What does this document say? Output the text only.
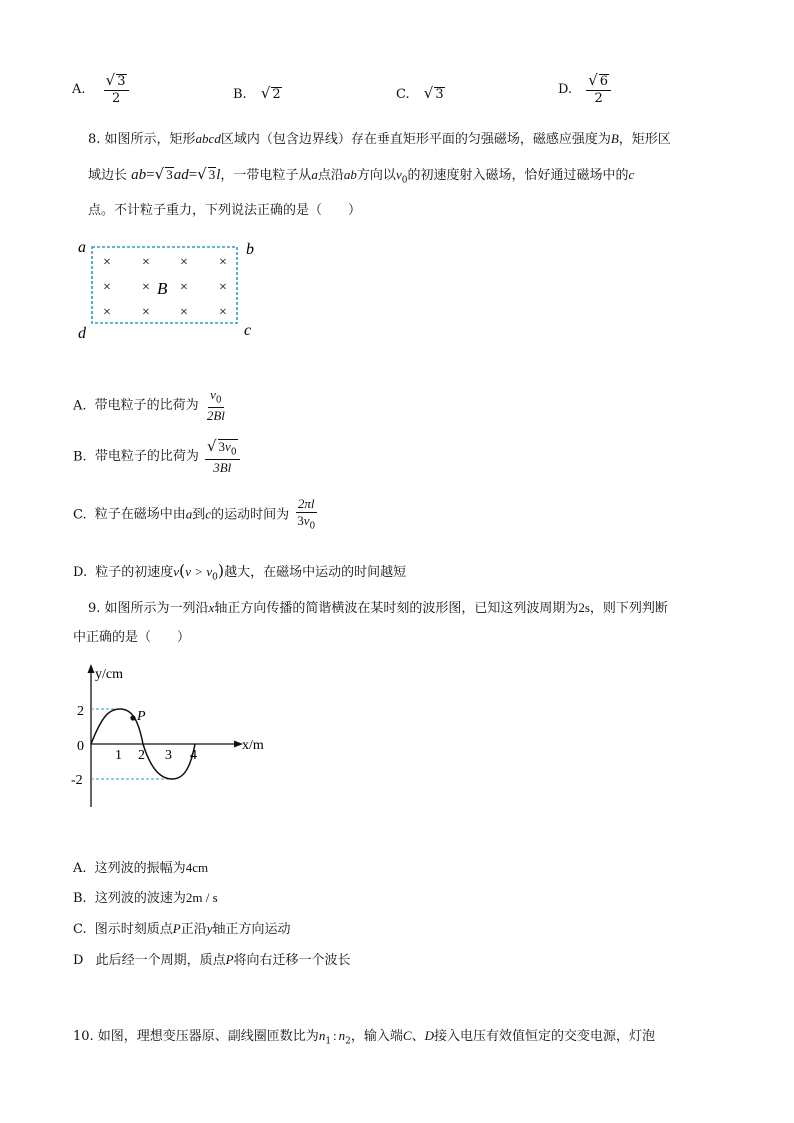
A. $\frac{√ 3}{2}$	B. √ 2	C. √ 3	D. $\frac{√ 6}{2}$
8. 如图所示，矩形abcd区域内（包含边界线）存在垂直矩形平面的匀强磁场，磁感应强度为B，矩形区
域边长 ab=√ 3ad=√ 3l，一带电粒子从a点沿ab方向以$v_0$的初速度射入磁场，恰好通过磁场中的c
点。不计粒子重力，下列说法正确的是（　　）
a	b
c
d
× × × ×
× × × ×
× × × ×
B
A. 带电粒子的比荷为 $\frac{v_0}{2Bl}$
B. 带电粒子的比荷为 $\frac{√ 3v_0}{3Bl}$
C. 粒子在磁场中由a到c的运动时间为 $\frac{2\pi l}{3v_0}$
D. 粒子的初速度$v(v > v_0)$越大，在磁场中运动的时间越短
9. 如图所示为一列沿x轴正方向传播的简谐横波在某时刻的波形图，已知这列波周期为2s，则下列判断
中正确的是（　　）
P
y/cm
x/m
2
0
-2
1 2 3 4
A. 这列波的振幅为4cm
B. 这列波的波速为2m / s
C. 图示时刻质点P正沿y轴正方向运动
D 此后经一个周期，质点P将向右迁移一个波长
10. 如图，理想变压器原、副线圈匝数比为$n_1$ : $n_2$，输入端C、D接入电压有效值恒定的交变电源，灯泡
